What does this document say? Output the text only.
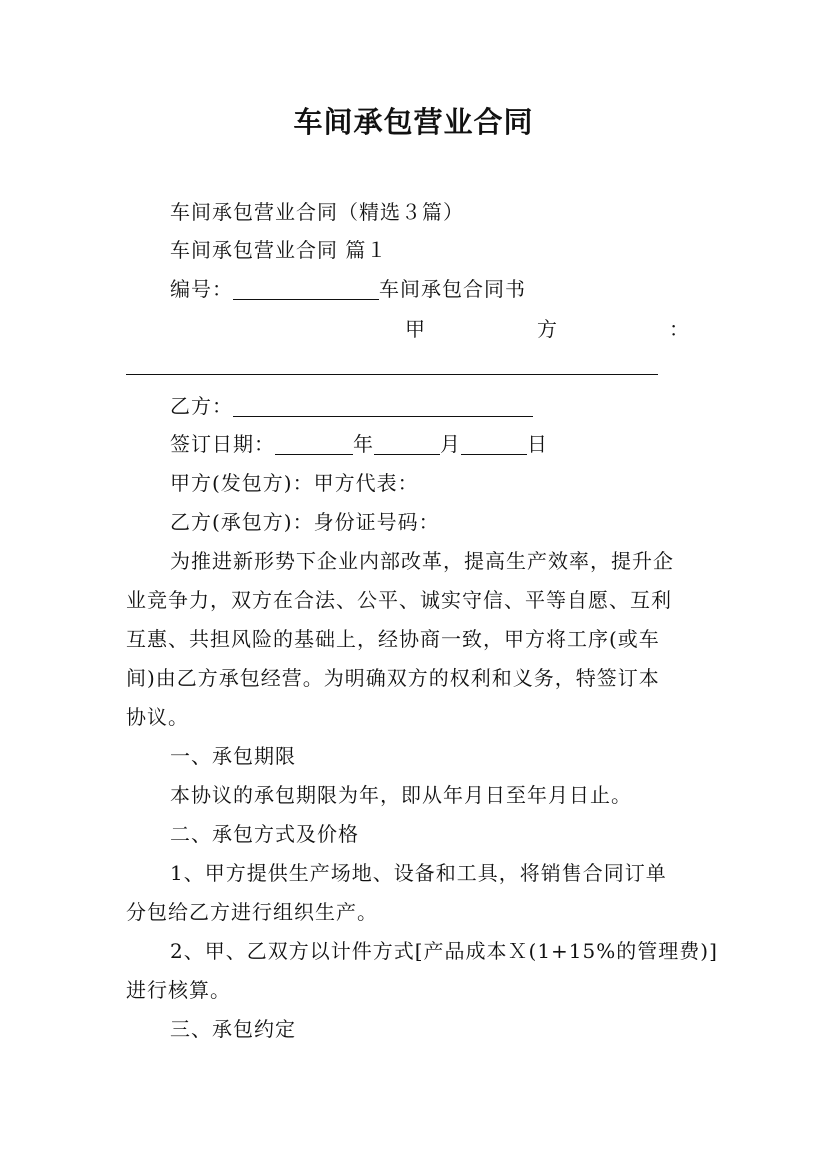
车间承包营业合同
车间承包营业合同（精选３篇）
车间承包营业合同 篇１
编号：	车间承包合同书
甲	方	：
乙方：
签订日期：	年	月	日
甲方(发包方)：甲方代表：
乙方(承包方)：身份证号码：
为推进新形势下企业内部改革，提高生产效率，提升企
业竞争力，双方在合法、公平、诚实守信、平等自愿、互利
互惠、共担风险的基础上，经协商一致，甲方将工序(或车
间)由乙方承包经营。为明确双方的权利和义务，特签订本
协议。
一、承包期限
本协议的承包期限为年，即从年月日至年月日止。
二、承包方式及价格
1、甲方提供生产场地、设备和工具，将销售合同订单
分包给乙方进行组织生产。
2、甲、乙双方以计件方式[产品成本Ｘ(1+15%的管理费)]
进行核算。
三、承包约定
